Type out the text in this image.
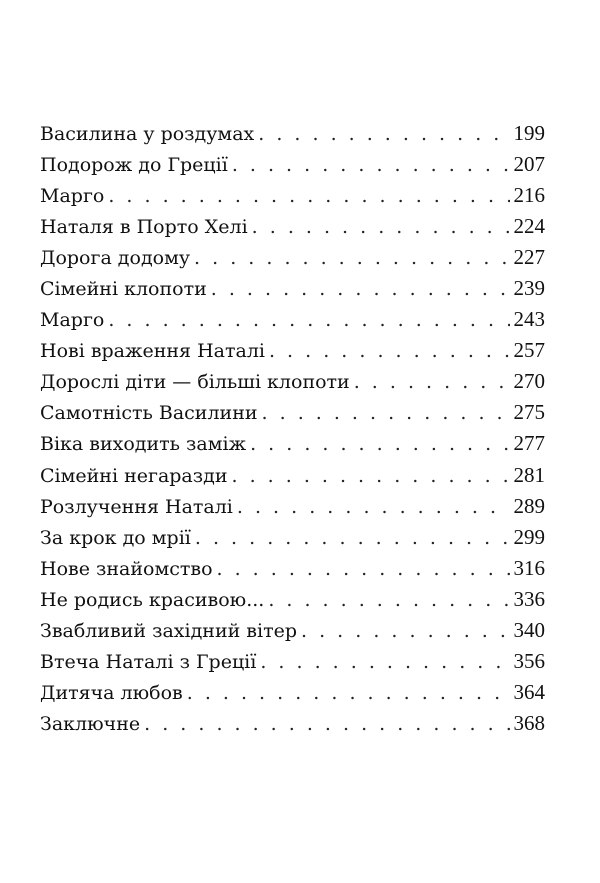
Василина у роздумах . . .	199
Подорож до Греції . . .	207
Марго . . .	216
Наталя в Порто Хелі . . .	224
Дорога додому . . .	227
Сімейні клопоти . . .	239
Марго . . .	243
Нові враження Наталі . . .	257
Дорослі діти — більші клопоти . . .	270
Самотність Василини . . .	275
Віка виходить заміж . . .	277
Сімейні негаразди . . .	281
Розлучення Наталі . . .	289
За крок до мрії . . .	299
Нове знайомство . . .	316
Не родись красивою... . . .	336
Звабливий західний вітер . . .	340
Втеча Наталі з Греції . . .	356
Дитяча любов . . .	364
Заключне . . .	368
